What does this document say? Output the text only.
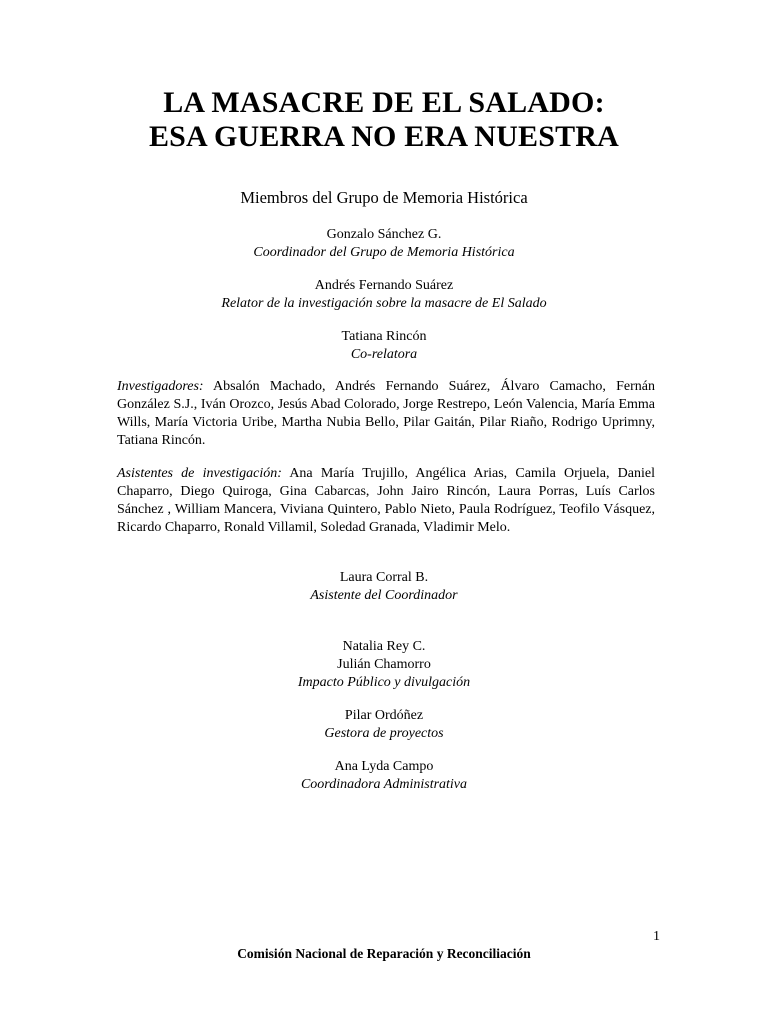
LA MASACRE DE EL SALADO:
ESA GUERRA NO ERA NUESTRA
Miembros del Grupo de Memoria Histórica
Gonzalo Sánchez G.
Coordinador del Grupo de Memoria Histórica
Andrés Fernando Suárez
Relator de la investigación sobre la masacre de El Salado
Tatiana Rincón
Co-relatora
Investigadores: Absalón Machado, Andrés Fernando Suárez, Álvaro Camacho, Fernán González S.J., Iván Orozco, Jesús Abad Colorado, Jorge Restrepo, León Valencia, María Emma Wills, María Victoria Uribe, Martha Nubia Bello, Pilar Gaitán, Pilar Riaño, Rodrigo Uprimny, Tatiana Rincón.
Asistentes de investigación: Ana María Trujillo, Angélica Arias, Camila Orjuela, Daniel Chaparro, Diego Quiroga, Gina Cabarcas, John Jairo Rincón, Laura Porras, Luís Carlos Sánchez , William Mancera, Viviana Quintero, Pablo Nieto, Paula Rodríguez, Teofilo Vásquez, Ricardo Chaparro, Ronald Villamil, Soledad Granada, Vladimir Melo.
Laura Corral B.
Asistente del Coordinador
Natalia Rey C.
Julián Chamorro
Impacto Público y divulgación
Pilar Ordóñez
Gestora de proyectos
Ana Lyda Campo
Coordinadora Administrativa
1
Comisión Nacional de Reparación y Reconciliación
